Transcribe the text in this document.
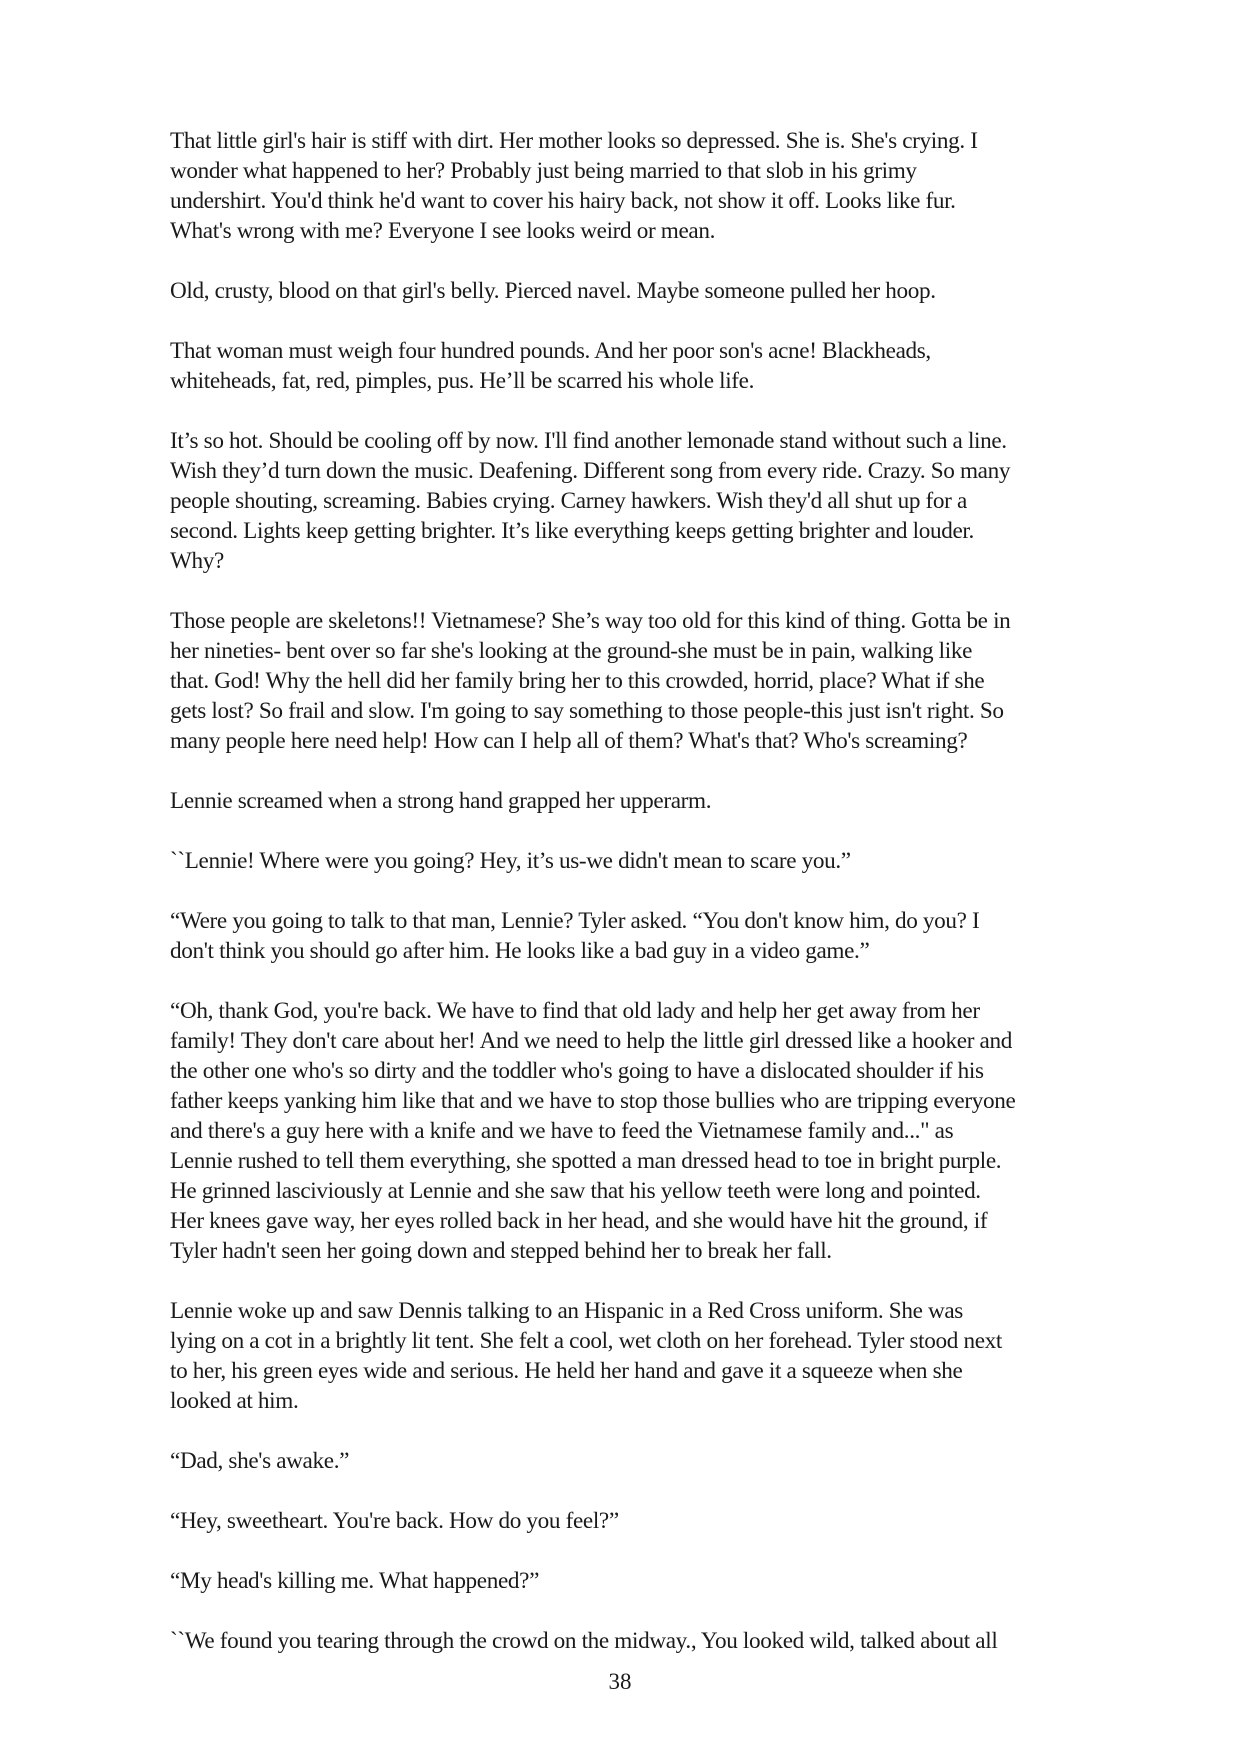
That little girl's hair is stiff with dirt. Her mother looks so depressed. She is. She's crying. I
wonder what happened to her? Probably just being married to that slob in his grimy
undershirt. You'd think he'd want to cover his hairy back, not show it off. Looks like fur.
What's wrong with me? Everyone I see looks weird or mean.

Old, crusty, blood on that girl's belly. Pierced navel. Maybe someone pulled her hoop.

That woman must weigh four hundred pounds. And her poor son's acne! Blackheads,
whiteheads, fat, red, pimples, pus. He’ll be scarred his whole life.

It’s so hot. Should be cooling off by now. I'll find another lemonade stand without such a line.
Wish they’d turn down the music. Deafening. Different song from every ride. Crazy. So many
people shouting, screaming. Babies crying. Carney hawkers. Wish they'd all shut up for a
second. Lights keep getting brighter. It’s like everything keeps getting brighter and louder.
Why?

Those people are skeletons!! Vietnamese? She’s way too old for this kind of thing. Gotta be in
her nineties- bent over so far she's looking at the ground-she must be in pain, walking like
that. God! Why the hell did her family bring her to this crowded, horrid, place? What if she
gets lost? So frail and slow. I'm going to say something to those people-this just isn't right. So
many people here need help! How can I help all of them? What's that? Who's screaming?

Lennie screamed when a strong hand grapped her upperarm.

``Lennie! Where were you going? Hey, it’s us-we didn't mean to scare you.”

“Were you going to talk to that man, Lennie? Tyler asked. “You don't know him, do you? I
don't think you should go after him. He looks like a bad guy in a video game.”

“Oh, thank God, you're back. We have to find that old lady and help her get away from her
family! They don't care about her! And we need to help the little girl dressed like a hooker and
the other one who's so dirty and the toddler who's going to have a dislocated shoulder if his
father keeps yanking him like that and we have to stop those bullies who are tripping everyone
and there's a guy here with a knife and we have to feed the Vietnamese family and..." as
Lennie rushed to tell them everything, she spotted a man dressed head to toe in bright purple.
He grinned lasciviously at Lennie and she saw that his yellow teeth were long and pointed.
Her knees gave way, her eyes rolled back in her head, and she would have hit the ground, if
Tyler hadn't seen her going down and stepped behind her to break her fall.

Lennie woke up and saw Dennis talking to an Hispanic in a Red Cross uniform. She was
lying on a cot in a brightly lit tent. She felt a cool, wet cloth on her forehead. Tyler stood next
to her, his green eyes wide and serious. He held her hand and gave it a squeeze when she
looked at him.

“Dad, she's awake.”

“Hey, sweetheart. You're back. How do you feel?”

“My head's killing me. What happened?”

``We found you tearing through the crowd on the midway., You looked wild, talked about all

38
